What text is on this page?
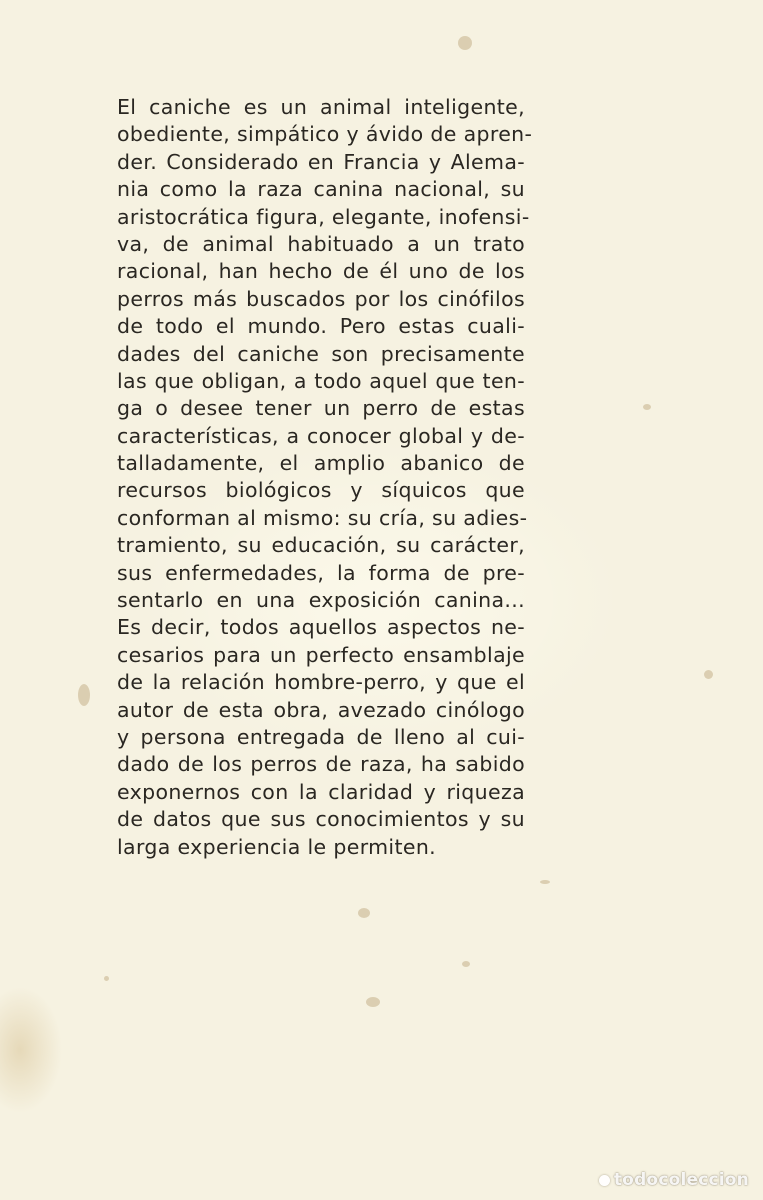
El caniche es un animal inteligente,
obediente, simpático y ávido de apren-
der. Considerado en Francia y Alema-
nia como la raza canina nacional, su
aristocrática figura, elegante, inofensi-
va, de animal habituado a un trato
racional, han hecho de él uno de los
perros más buscados por los cinófilos
de todo el mundo. Pero estas cuali-
dades del caniche son precisamente
las que obligan, a todo aquel que ten-
ga o desee tener un perro de estas
características, a conocer global y de-
talladamente, el amplio abanico de
recursos biológicos y síquicos que
conforman al mismo: su cría, su adies-
tramiento, su educación, su carácter,
sus enfermedades, la forma de pre-
sentarlo en una exposición canina...
Es decir, todos aquellos aspectos ne-
cesarios para un perfecto ensamblaje
de la relación hombre-perro, y que el
autor de esta obra, avezado cinólogo
y persona entregada de lleno al cui-
dado de los perros de raza, ha sabido
exponernos con la claridad y riqueza
de datos que sus conocimientos y su
larga experiencia le permiten.
todocoleccion
